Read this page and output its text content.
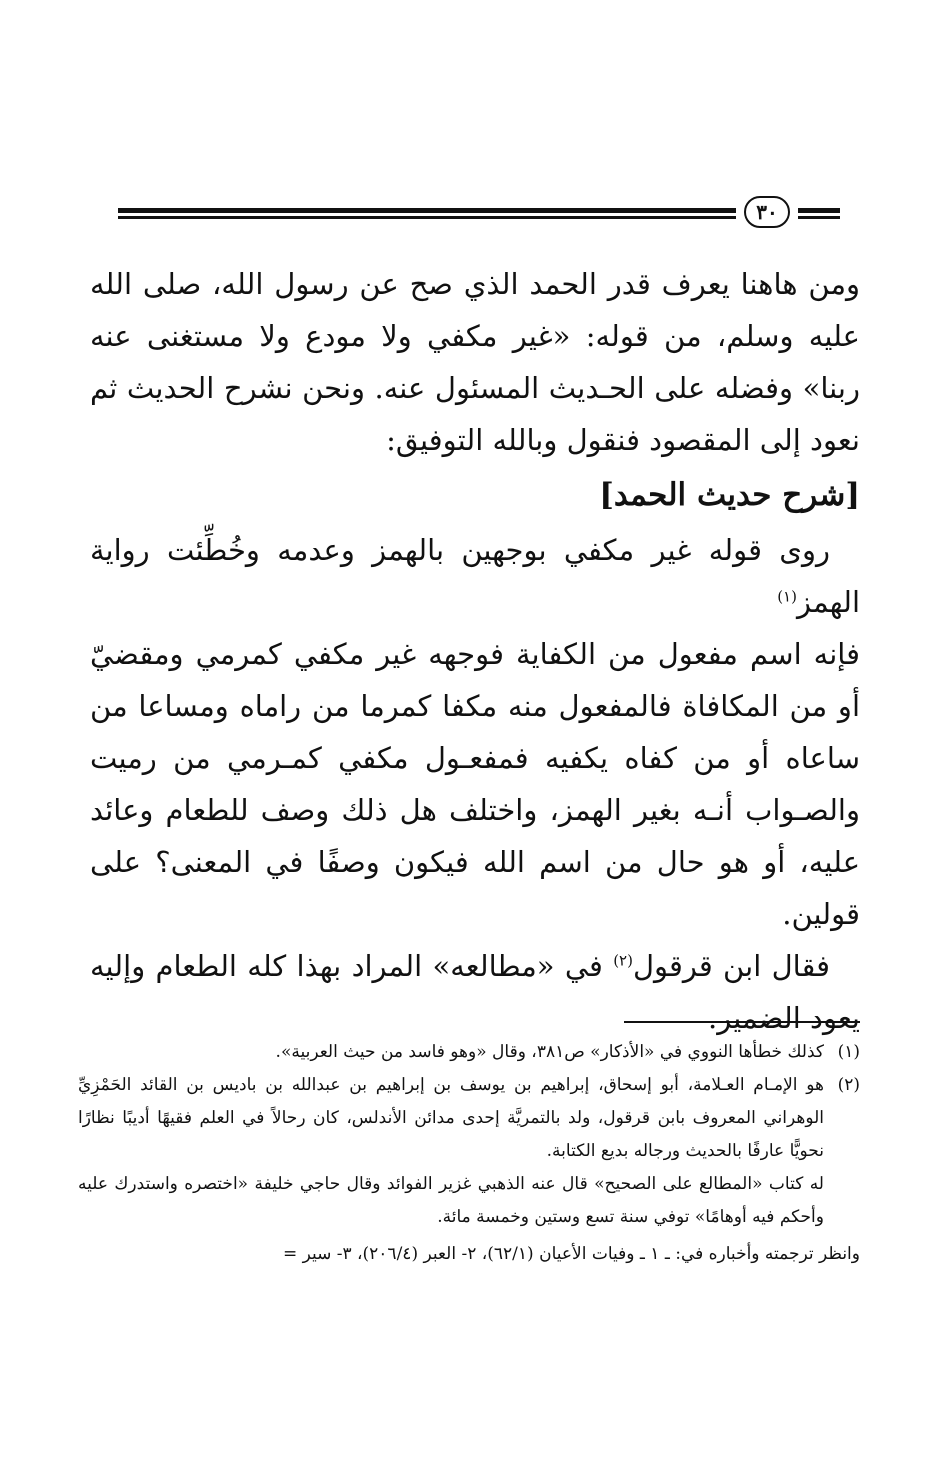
٣٠

ومن هاهنا يعرف قدر الحمد الذي صح عن رسول الله، صلى الله عليه وسلم، من قوله: «غير مكفي ولا مودع ولا مستغنى عنه ربنا» وفضله على الحـديث المسئول عنه. ونحن نشرح الحديث ثم نعود إلى المقصود فنقول وبالله التوفيق:

[شرح حديث الحمد]

روى قوله غير مكفي بوجهين بالهمز وعدمه وخُطِّئت رواية الهمز$^{(١)}$

فإنه اسم مفعول من الكفاية فوجهه غير مكفي كمرمي ومقضيّ أو من المكافاة فالمفعول منه مكفا كمرما من راماه ومساعا من ساعاه أو من كفاه يكفيه فمفعـول مكفي كمـرمي من رميت والصـواب أنـه بغير الهمز، واختلف هل ذلك وصف للطعام وعائد عليه، أو هو حال من اسم الله فيكون وصفًا في المعنى؟ على قولين.

فقال ابن قرقول$^{(٢)}$ في «مطالعه» المراد بهذا كله الطعام وإليه يعود الضمير.

(١)
كذلك خطأها النووي في «الأذكار» ص٣٨١، وقال «وهو فاسد من حيث العربية».
(٢)

هو الإمـام العـلامة، أبو إسحاق، إبراهيم بن يوسف بن إبراهيم بن عبدالله بن باديس بن القائد الحَمْزِيِّ الوهراني المعروف بابن قرقول، ولد بالتمريَّة إحدى مدائن الأندلس، كان رحالاً في العلم فقيهًا أديبًا نظارًا نحويًّا عارفًا بالحديث ورجاله بديع الكتابة.

له كتاب «المطالع على الصحيح» قال عنه الذهبي غزير الفوائد وقال حاجي خليفة «اختصره واستدرك عليه وأحكم فيه أوهامًا» توفي سنة تسع وستين وخمسة مائة.

وانظر ترجمته وأخباره في: ـ ١ ـ وفيات الأعيان (٦٢/١)، ٢- العبر (٢٠٦/٤)، ٣- سير =
